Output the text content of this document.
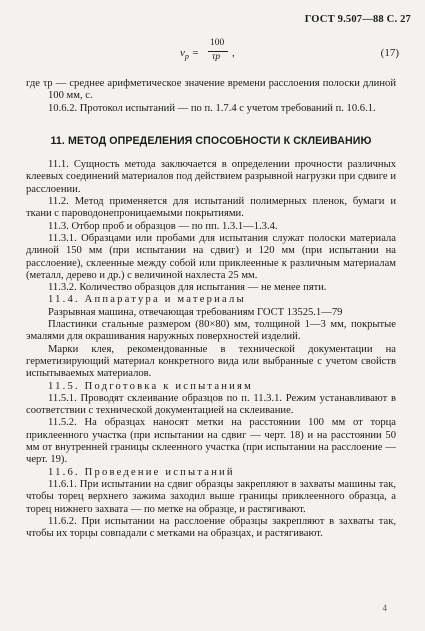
ГОСТ 9.507—88 С. 27
$v_р$ =
100
τр ,	(17)

где τр — среднее арифметическое значение времени расслоения полоски длиной 100 мм, с.

10.6.2. Протокол испытаний — по п. 1.7.4 с учетом требований п. 10.6.1.

11. МЕТОД ОПРЕДЕЛЕНИЯ СПОСОБНОСТИ К СКЛЕИВАНИЮ

11.1. Сущность метода заключается в определении прочности различных клеевых соединений материалов под действием разрывной нагрузки при сдвиге и расслоении.

11.2. Метод применяется для испытаний полимерных пленок, бумаги и ткани с пароводонепроницаемыми покрытиями.

11.3. Отбор проб и образцов — по пп. 1.3.1—1.3.4.

11.3.1. Образцами или пробами для испытания служат полоски материала длиной 150 мм (при испытании на сдвиг) и 120 мм (при испытании на расслоение), склеенные между собой или приклеенные к различным материалам (металл, дерево и др.) с величиной нахлеста 25 мм.

11.3.2. Количество образцов для испытания — не менее пяти.

11.4. Аппаратура и материалы

Разрывная машина, отвечающая требованиям ГОСТ 13525.1—79

Пластинки стальные размером (80×80) мм, толщиной 1—3 мм, покрытые эмалями для окрашивания наружных поверхностей изделий.

Марки клея, рекомендованные в технической документации на герметизирующий материал конкретного вида или выбранные с учетом свойств испытываемых материалов.

11.5. Подготовка к испытаниям

11.5.1. Проводят склеивание образцов по п. 11.3.1. Режим устанавливают в соответствии с технической документацией на склеивание.

11.5.2. На образцах наносят метки на расстоянии 100 мм от торца приклеенного участка (при испытании на сдвиг — черт. 18) и на расстоянии 50 мм от внутренней границы склеенного участка (при испытании на расслоение — черт. 19).

11.6. Проведение испытаний

11.6.1. При испытании на сдвиг образцы закрепляют в захваты машины так, чтобы торец верхнего зажима заходил выше границы приклеенного образца, а торец нижнего захвата — по метке на образце, и растягивают.

11.6.2. При испытании на расслоение образцы закрепляют в захваты так, чтобы их торцы совпадали с метками на образцах, и растягивают.

4
